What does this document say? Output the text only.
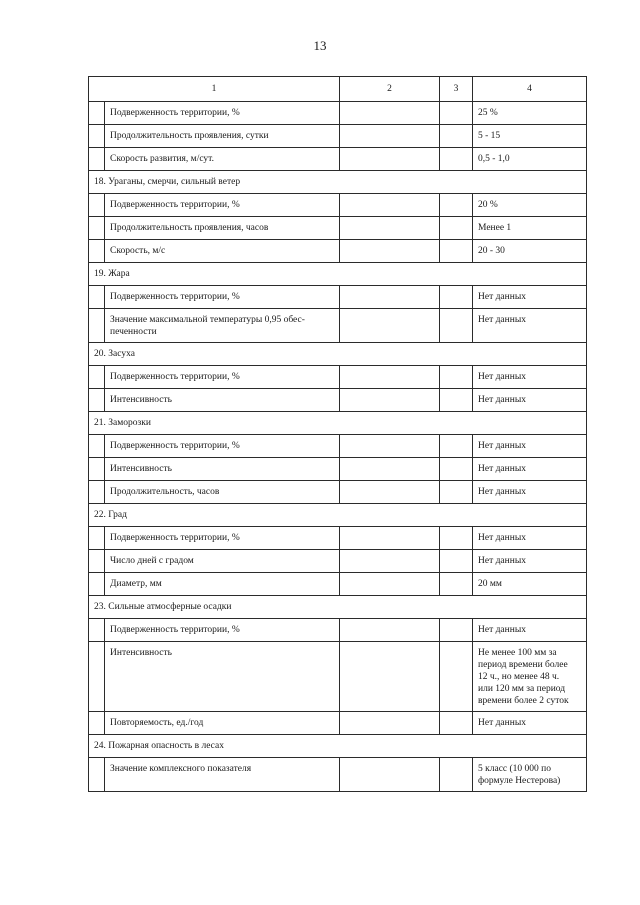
13
1		2	3	4
	Подверженность территории, %			25 %
	Продолжительность проявления, сутки			5 - 15
	Скорость развития, м/сут.			0,5 - 1,0
18. Ураганы, смерчи, сильный ветер				
	Подверженность территории, %			20 %
	Продолжительность проявления, часов			Менее 1
	Скорость, м/с			20 - 30
19. Жара				
	Подверженность территории, %			Нет данных
	Значение максимальной температуры 0,95 обес-
печенности			Нет данных
20. Засуха				
	Подверженность территории, %			Нет данных
	Интенсивность			Нет данных
21. Заморозки				
	Подверженность территории, %			Нет данных
	Интенсивность			Нет данных
	Продолжительность, часов			Нет данных
22. Град				
	Подверженность территории, %			Нет данных
	Число дней с градом			Нет данных
	Диаметр, мм			20 мм
23. Сильные атмосферные осадки				
	Подверженность территории, %			Нет данных
	Интенсивность			Не менее 100 мм за
период времени более
12 ч., но менее 48 ч.
или 120 мм за период
времени более 2 суток
	Повторяемость, ед./год			Нет данных
24. Пожарная опасность в лесах				
	Значение комплексного показателя			5 класс (10 000 по
формуле Нестерова)
